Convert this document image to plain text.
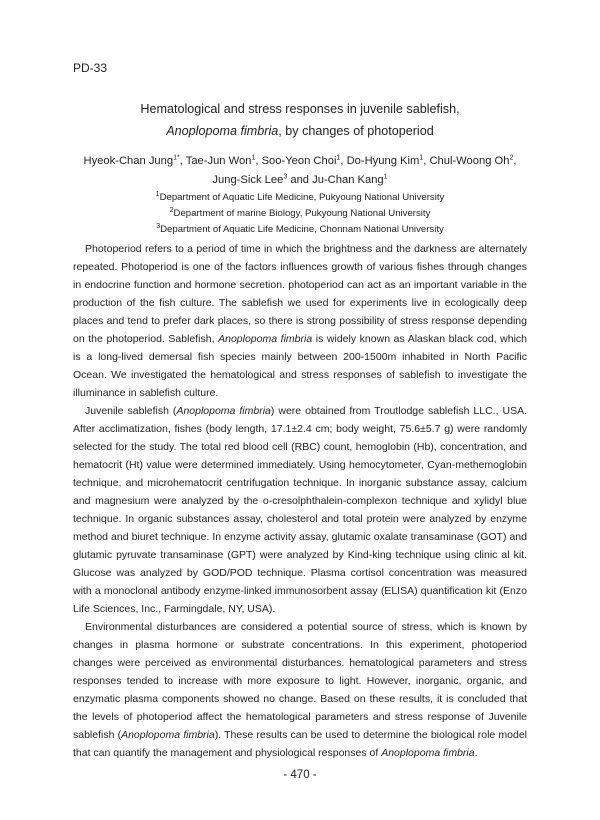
PD-33
Hematological and stress responses in juvenile sablefish,
Anoplopoma fimbria, by changes of photoperiod
Hyeok-Chan Jung$^{1*}$, Tae-Jun Won$^1$, Soo-Yeon Choi$^1$, Do-Hyung Kim$^1$, Chul-Woong Oh$^2$,
Jung-Sick Lee$^3$ and Ju-Chan Kang$^1$
$^1$Department of Aquatic Life Medicine, Pukyoung National University
$^2$Department of marine Biology, Pukyoung National University
$^3$Department of Aquatic Life Medicine, Chonnam National University

Photoperiod refers to a period of time in which the brightness and the darkness are alternately repeated. Photoperiod is one of the factors influences growth of various fishes through changes in endocrine function and hormone secretion. photoperiod can act as an important variable in the production of the fish culture. The sablefish we used for experiments live in ecologically deep places and tend to prefer dark places, so there is strong possibility of stress response depending on the photoperiod. Sablefish, Anoplopoma fimbria is widely known as Alaskan black cod, which is a long-lived demersal fish species mainly between 200-1500m inhabited in North Pacific Ocean. We investigated the hematological and stress responses of sablefish to investigate the illuminance in sablefish culture.

Juvenile sablefish (Anoplopoma fimbria) were obtained from Troutlodge sablefish LLC., USA. After acclimatization, fishes (body length, 17.1±2.4 cm; body weight, 75.6±5.7 g) were randomly selected for the study. The total red blood cell (RBC) count, hemoglobin (Hb), concentration, and hematocrit (Ht) value were determined immediately. Using hemocytometer, Cyan-methemoglobin technique, and microhematocrit centrifugation technique. In inorganic substance assay, calcium and magnesium were analyzed by the o-cresolphthalein-complexon technique and xylidyl blue technique. In organic substances assay, cholesterol and total protein were analyzed by enzyme method and biuret technique. In enzyme activity assay, glutamic oxalate transaminase (GOT) and glutamic pyruvate transaminase (GPT) were analyzed by Kind-king technique using clinic al kit. Glucose was analyzed by GOD/POD technique. Plasma cortisol concentration was measured with a monoclonal antibody enzyme-linked immunosorbent assay (ELISA) quantification kit (Enzo Life Sciences, Inc., Farmingdale, NY, USA).

Environmental disturbances are considered a potential source of stress, which is known by changes in plasma hormone or substrate concentrations. In this experiment, photoperiod changes were perceived as environmental disturbances. hematological parameters and stress responses tended to increase with more exposure to light. However, inorganic, organic, and enzymatic plasma components showed no change. Based on these results, it is concluded that the levels of photoperiod affect the hematological parameters and stress response of Juvenile sablefish (Anoplopoma fimbria). These results can be used to determine the biological role model that can quantify the management and physiological responses of Anoplopoma fimbria.

- 470 -
